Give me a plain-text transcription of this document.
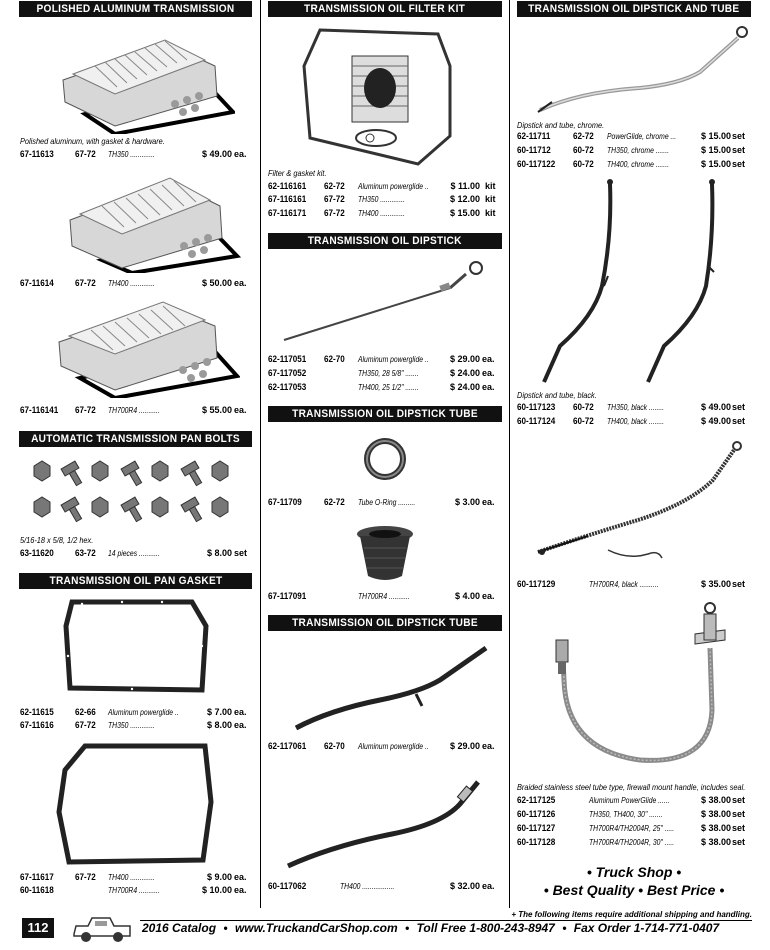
POLISHED ALUMINUM TRANSMISSION PAN
Polished aluminum, with gasket & hardware.
AUTOMATIC TRANSMISSION PAN BOLTS
5/16-18 x 5/8, 1/2 hex.
TRANSMISSION OIL PAN GASKET
67-11613 67-72 TH350 .............	$ 49.00 ea.
67-11614 67-72 TH400 .............	$ 50.00 ea.
67-116141 67-72 TH700R4 ...........	$ 55.00 ea.
63-11620 63-72 14 pieces ...........	$ 8.00 set
62-11615 62-66 Aluminum powerglide ..	$ 7.00 ea.
67-11616 67-72 TH350 .............	$ 8.00 ea.
67-11617 67-72 TH400 .............	$ 9.00 ea.
60-11618	TH700R4 ...........	$ 10.00 ea.
TRANSMISSION OIL FILTER KIT
Filter & gasket kit.
62-116161 62-72 Aluminum powerglide ..	$ 11.00 kit
67-116161 67-72 TH350 .............	$ 12.00 kit
67-116171 67-72 TH400 .............	$ 15.00 kit
TRANSMISSION OIL DIPSTICK
62-117051 62-70 Aluminum powerglide ..	$ 29.00 ea.
67-117052	TH350, 28 5/8" .......	$ 24.00 ea.
62-117053	TH400, 25 1/2" .......	$ 24.00 ea.
TRANSMISSION OIL DIPSTICK TUBE SEAL
67-11709 62-72 Tube O-Ring .........	$ 3.00 ea.
67-117091	TH700R4 ...........	$ 4.00 ea.
TRANSMISSION OIL DIPSTICK TUBE
62-117061 62-70 Aluminum powerglide ..	$ 29.00 ea.
60-117062	TH400 .................	$ 32.00 ea.
TRANSMISSION OIL DIPSTICK AND TUBE
Dipstick and tube, chrome.
62-11711	62-72 PowerGlide, chrome ...	$ 15.00 set
60-11712 60-72 TH350, chrome .......	$ 15.00 set
60-117122 60-72 TH400, chrome .......	$ 15.00 set
Dipstick and tube, black.
60-117123 60-72 TH350, black ........	$ 49.00 set
60-117124 60-72 TH400, black ........	$ 49.00 set
60-117129	TH700R4, black ..........	$ 35.00 set
Braided stainless steel tube type, firewall mount handle, includes seal.
62-117125	Aluminum PowerGlide ......	$ 38.00 set
60-117126	TH350, TH400, 30" .......	$ 38.00 set
60-117127	TH700R4/TH2004R, 25" .....	$ 38.00 set
60-117128	TH700R4/TH2004R, 30" .....	$ 38.00 set
• Truck Shop •
• Best Quality • Best Price •
+ The following items require additional shipping and handling.
112	2016 Catalog • www.TruckandCarShop.com • Toll Free 1-800-243-8947 • Fax Order 1-714-771-0407
